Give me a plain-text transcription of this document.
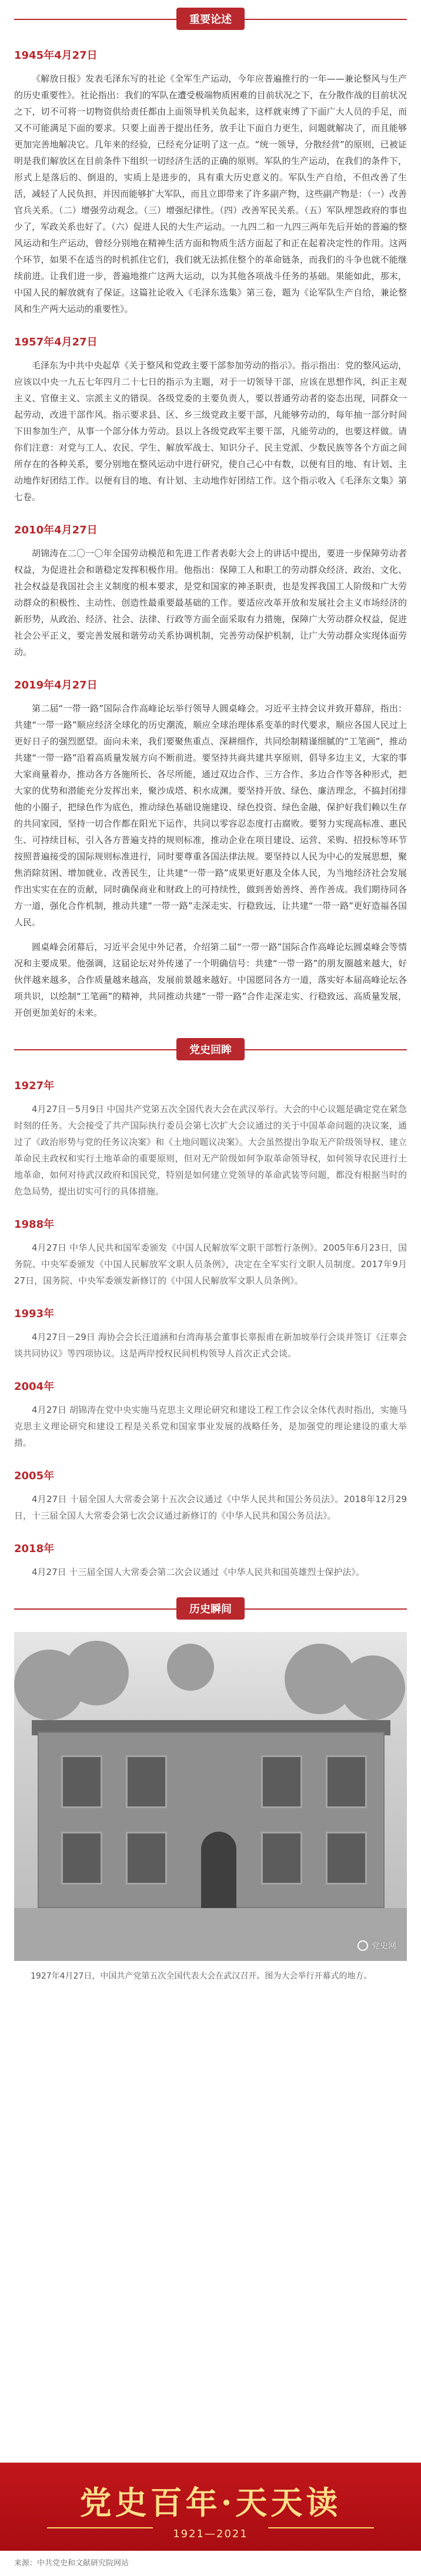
重要论述
1945年4月27日

《解放日报》发表毛泽东写的社论《全军生产运动，今年应普遍推行的一年——兼论整风与生产的历史重要性》。社论指出：我们的军队在遭受极端物质困难的目前状况之下，在分散作战的目前状况之下，切不可将一切物资供给责任都由上面领导机关负起来，这样就束缚了下面广大人员的手足，而又不可能满足下面的要求。只要上面善于提出任务，放手让下面自力更生，问题就解决了，而且能够更加完善地解决它。几年来的经验，已经充分证明了这一点。“统一领导，分散经营”的原则，已被证明是我们解放区在目前条件下组织一切经济生活的正确的原则。军队的生产运动，在我们的条件下，形式上是落后的、倒退的，实质上是进步的，具有重大历史意义的。军队生产自给，不但改善了生活，减轻了人民负担，并因而能够扩大军队，而且立即带来了许多副产物，这些副产物是：（一）改善官兵关系。（二）增强劳动观念。（三）增强纪律性。（四）改善军民关系。（五）军队埋怨政府的事也少了，军政关系也好了。（六）促进人民的大生产运动。一九四二和一九四三两年先后开始的普遍的整风运动和生产运动，曾经分别地在精神生活方面和物质生活方面起了和正在起着决定性的作用。这两个环节，如果不在适当的时机抓住它们，我们就无法抓住整个的革命链条，而我们的斗争也就不能继续前进。让我们进一步，普遍地推广这两大运动，以为其他各项战斗任务的基础。果能如此，那末，中国人民的解放就有了保证。这篇社论收入《毛泽东选集》第三卷，题为《论军队生产自给，兼论整风和生产两大运动的重要性》。

1957年4月27日

毛泽东为中共中央起草《关于整风和党政主要干部参加劳动的指示》。指示指出：党的整风运动，应该以中央一九五七年四月二十七日的指示为主题，对于一切领导干部，应该在思想作风，纠正主观主义、官僚主义、宗派主义的错误。各级党委的主要负责人，要以普通劳动者的姿态出现，同群众一起劳动，改进干部作风。指示要求县、区、乡三级党政主要干部，凡能够劳动的，每年抽一部分时间下田参加生产，从事一个部分体力劳动。县以上各级党政军主要干部，凡能劳动的，也要这样做。请你们注意：对党与工人、农民、学生、解放军战士、知识分子、民主党派、少数民族等各个方面之间所存在的各种关系，要分别地在整风运动中进行研究，使自己心中有数，以便有目的地、有计划、主动地作好团结工作。以便有目的地、有计划、主动地作好团结工作。这个指示收入《毛泽东文集》第七卷。

2010年4月27日

胡锦涛在二〇一〇年全国劳动模范和先进工作者表彰大会上的讲话中提出，要进一步保障劳动者权益，为促进社会和谐稳定发挥积极作用。他指出：保障工人和职工的劳动群众经济、政治、文化、社会权益是我国社会主义制度的根本要求，是党和国家的神圣职责，也是发挥我国工人阶级和广大劳动群众的积极性、主动性、创造性最重要最基础的工作。要适应改革开放和发展社会主义市场经济的新形势，从政治、经济、社会、法律、行政等方面全面采取有力措施，保障广大劳动群众权益，促进社会公平正义，要完善发展和谐劳动关系协调机制，完善劳动保护机制，让广大劳动群众实现体面劳动。

2019年4月27日

第二届“一带一路”国际合作高峰论坛举行领导人圆桌峰会。习近平主持会议并致开幕辞，指出：共建“一带一路”顺应经济全球化的历史潮流，顺应全球治理体系变革的时代要求，顺应各国人民过上更好日子的强烈愿望。面向未来，我们要聚焦重点、深耕细作，共同绘制精谨细腻的“工笔画”，推动共建“一带一路”沿着高质量发展方向不断前进。要坚持共商共建共享原则，倡导多边主义，大家的事大家商量着办，推动各方各施所长、各尽所能，通过双边合作、三方合作、多边合作等各种形式，把大家的优势和潜能充分发挥出来，聚沙成塔、积水成渊。要坚持开放、绿色、廉洁理念，不搞封闭排他的小圈子，把绿色作为底色，推动绿色基础设施建设、绿色投资、绿色金融，保护好我们赖以生存的共同家园，坚持一切合作都在阳光下运作，共同以零容忍态度打击腐败。要努力实现高标准、惠民生、可持续目标，引入各方普遍支持的规则标准，推动企业在项目建设、运营、采购、招投标等环节按照普遍接受的国际规则标准进行，同时要尊重各国法律法规。要坚持以人民为中心的发展思想，聚焦消除贫困、增加就业、改善民生，让共建“一带一路”成果更好惠及全体人民，为当地经济社会发展作出实实在在的贡献，同时确保商业和财政上的可持续性，做到善始善终、善作善成。我们期待同各方一道，强化合作机制，推动共建“一带一路”走深走实、行稳致远，让共建“一带一路”更好造福各国人民。

圆桌峰会闭幕后，习近平会见中外记者，介绍第二届“一带一路”国际合作高峰论坛圆桌峰会等情况和主要成果。他强调，这届论坛对外传递了一个明确信号：共建“一带一路”的朋友圈越来越大，好伙伴越来越多，合作质量越来越高，发展前景越来越好。中国愿同各方一道，落实好本届高峰论坛各项共识，以绘制“工笔画”的精神，共同推动共建“一带一路”合作走深走实、行稳致远、高质量发展，开创更加美好的未来。

党史回眸
1927年

4月27日－5月9日 中国共产党第五次全国代表大会在武汉举行。大会的中心议题是确定党在紧急时刻的任务。大会接受了共产国际执行委员会第七次扩大会议通过的关于中国革命问题的决议案，通过了《政治形势与党的任务议决案》和《土地问题议决案》。大会虽然提出争取无产阶级领导权、建立革命民主政权和实行土地革命的重要原则，但对无产阶级如何争取革命领导权，如何领导农民进行土地革命，如何对待武汉政府和国民党，特别是如何建立党领导的革命武装等问题，都没有根据当时的危急局势，提出切实可行的具体措施。

1988年

4月27日 中华人民共和国军委颁发《中国人民解放军文职干部暂行条例》。2005年6月23日，国务院、中央军委颁发《中国人民解放军文职人员条例》，决定在全军实行文职人员制度。2017年9月27日，国务院、中央军委颁发新修订的《中国人民解放军文职人员条例》。

1993年

4月27日－29日 海协会会长汪道涵和台湾海基会董事长辜振甫在新加坡举行会谈并签订《汪辜会谈共同协议》等四项协议。这是两岸授权民间机构领导人首次正式会谈。

2004年

4月27日 胡锦涛在党中央实施马克思主义理论研究和建设工程工作会议全体代表时指出，实施马克思主义理论研究和建设工程是关系党和国家事业发展的战略任务，是加强党的理论建设的重大举措。

2005年

4月27日 十届全国人大常委会第十五次会议通过《中华人民共和国公务员法》。2018年12月29日，十三届全国人大常委会第七次会议通过新修订的《中华人民共和国公务员法》。

2018年

4月27日 十三届全国人大常委会第二次会议通过《中华人民共和国英雄烈士保护法》。

历史瞬间
党史网

1927年4月27日，中国共产党第五次全国代表大会在武汉召开。图为大会举行开幕式的地方。

党史百年·天天读
1921—2021
来源：中共党史和文献研究院网站
